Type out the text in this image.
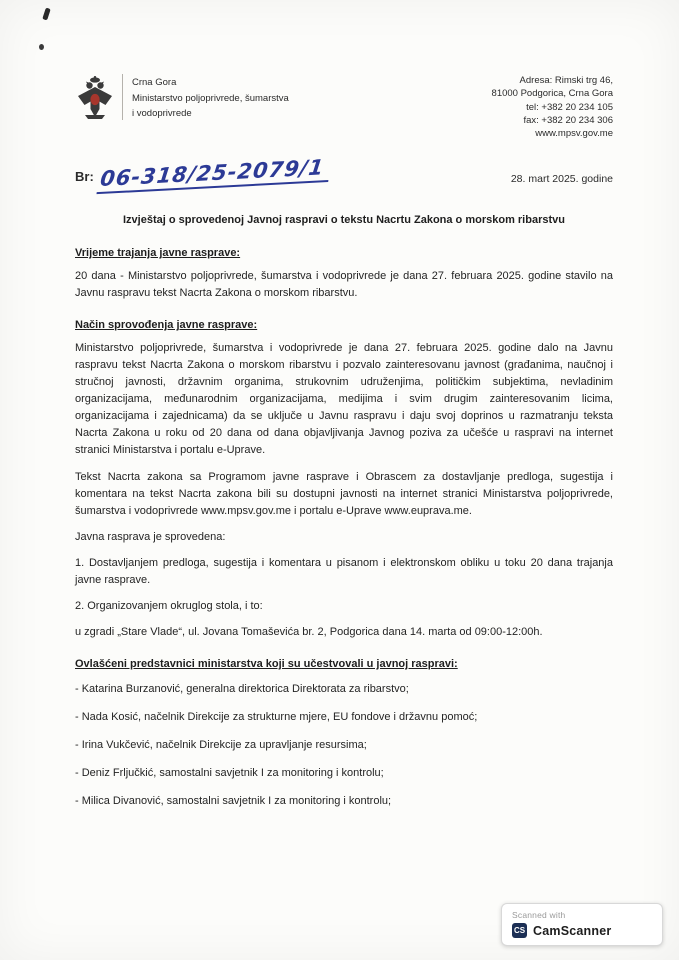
Crna Gora
Ministarstvo poljoprivrede, šumarstva
i vodoprivrede
Adresa: Rimski trg 46,
81000 Podgorica, Crna Gora
tel: +382 20 234 105
fax: +382 20 234 306
www.mpsv.gov.me
Br: 06-318/25-2079/1	28. mart 2025. godine
Izvještaj o sprovedenoj Javnoj raspravi o tekstu Nacrtu Zakona o morskom ribarstvu
Vrijeme trajanja javne rasprave:

20 dana - Ministarstvo poljoprivrede, šumarstva i vodoprivrede je dana 27. februara 2025. godine stavilo na Javnu raspravu tekst Nacrta Zakona o morskom ribarstvu.

Način sprovođenja javne rasprave:

Ministarstvo poljoprivrede, šumarstva i vodoprivrede je dana 27. februara 2025. godine dalo na Javnu raspravu tekst Nacrta Zakona o morskom ribarstvu i pozvalo zainteresovanu javnost (građanima, naučnoj i stručnoj javnosti, državnim organima, strukovnim udruženjima, političkim subjektima, nevladinim organizacijama, međunarodnim organizacijama, medijima i svim drugim zainteresovanim licima, organizacijama i zajednicama) da se uključe u Javnu raspravu i daju svoj doprinos u razmatranju teksta Nacrta Zakona u roku od 20 dana od dana objavljivanja Javnog poziva za učešće u raspravi na internet stranici Ministarstva i portalu e-Uprave.

Tekst Nacrta zakona sa Programom javne rasprave i Obrascem za dostavljanje predloga, sugestija i komentara na tekst Nacrta zakona bili su dostupni javnosti na internet stranici Ministarstva poljoprivrede, šumarstva i vodoprivrede www.mpsv.gov.me i portalu e-Uprave www.euprava.me.

Javna rasprava je sprovedena:

1. Dostavljanjem predloga, sugestija i komentara u pisanom i elektronskom obliku u toku 20 dana trajanja javne rasprave.

2. Organizovanjem okruglog stola, i to:

u zgradi „Stare Vlade“, ul. Jovana Tomaševića br. 2, Podgorica dana 14. marta od 09:00-12:00h.

Ovlašćeni predstavnici ministarstva koji su učestvovali u javnoj raspravi:
- Katarina Burzanović, generalna direktorica Direktorata za ribarstvo;
- Nada Kosić, načelnik Direkcije za strukturne mjere, EU fondove i državnu pomoć;
- Irina Vukčević, načelnik Direkcije za upravljanje resursima;
- Deniz Frljučkić, samostalni savjetnik I za monitoring i kontrolu;
- Milica Divanović, samostalni savjetnik I za monitoring i kontrolu;
Scanned with
CS CamScanner
